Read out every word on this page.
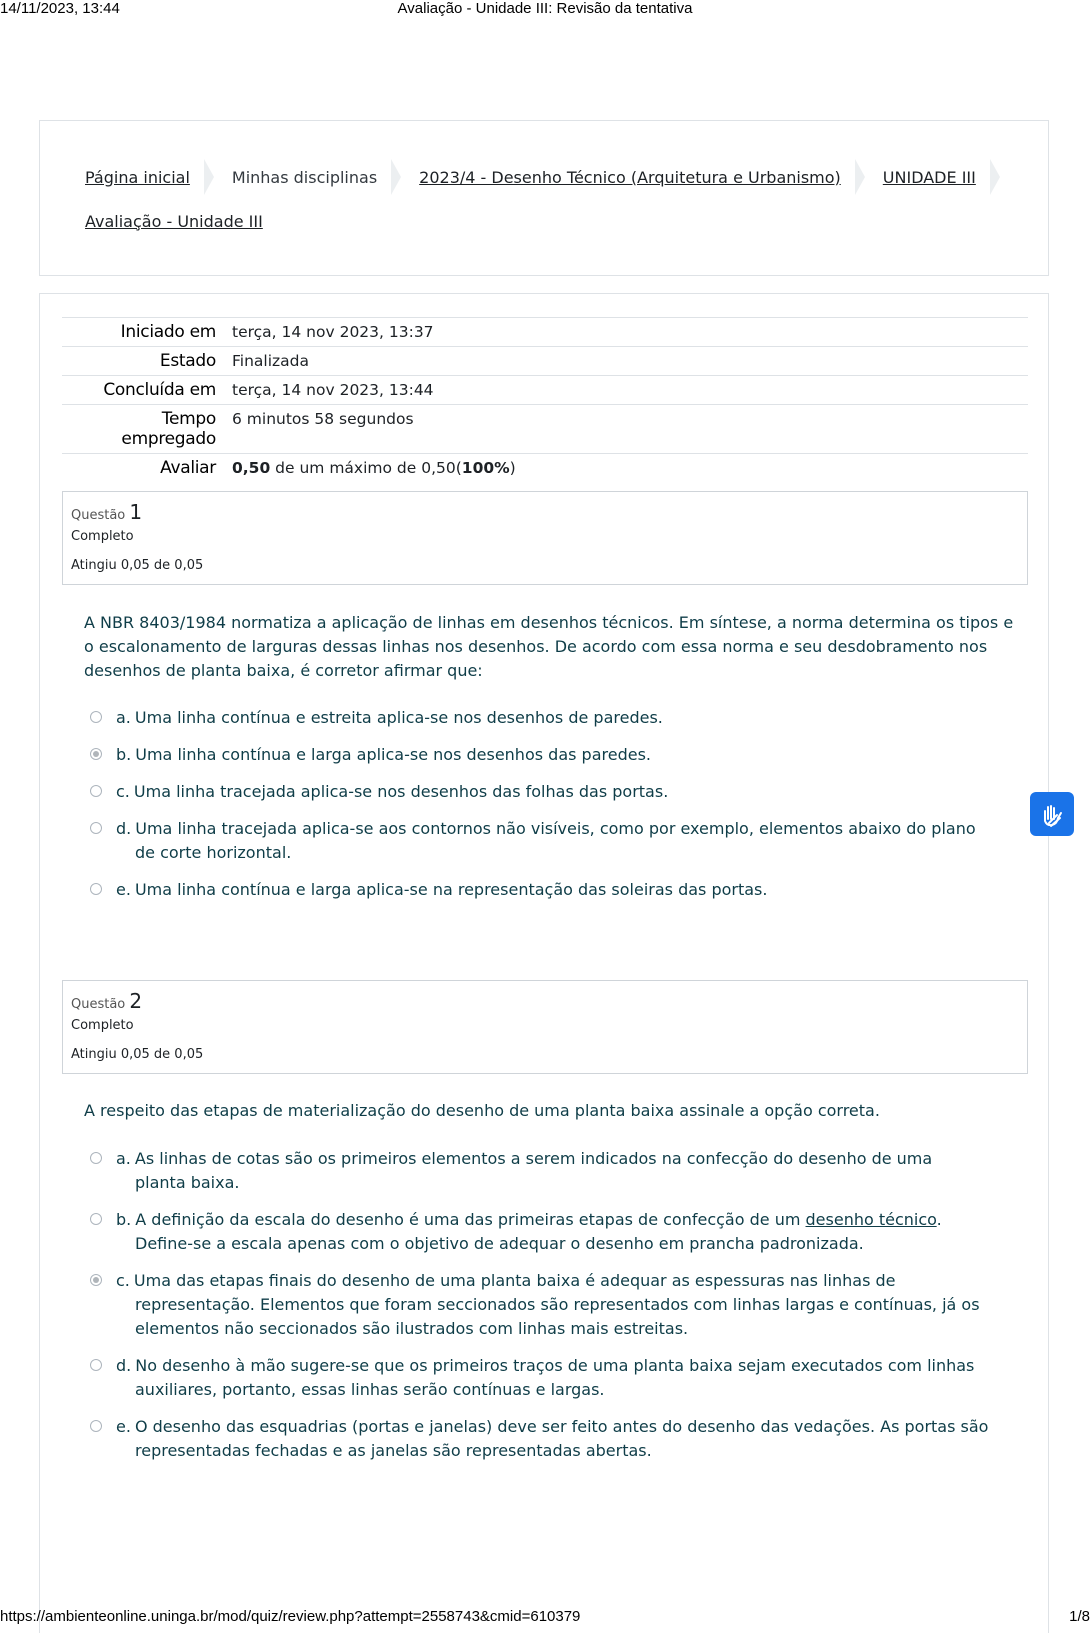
14/11/2023, 13:44	Avaliação - Unidade III: Revisão da tentativa
Página inicial	Minhas disciplinas	2023/4 - Desenho Técnico (Arquitetura e Urbanismo)	UNIDADE III
Avaliação - Unidade III
Iniciado em	terça, 14 nov 2023, 13:37
Estado	Finalizada
Concluída em	terça, 14 nov 2023, 13:44
Tempo
empregado	6 minutos 58 segundos
Avaliar	0,50 de um máximo de 0,50(100%)
Questão 1
Completo
Atingiu 0,05 de 0,05
A NBR 8403/1984 normatiza a aplicação de linhas em desenhos técnicos. Em síntese, a norma determina os tipos e o escalonamento de larguras dessas linhas nos desenhos. De acordo com essa norma e seu desdobramento nos desenhos de planta baixa, é corretor afirmar que:
a. Uma linha contínua e estreita aplica-se nos desenhos de paredes.
b. Uma linha contínua e larga aplica-se nos desenhos das paredes.
c. Uma linha tracejada aplica-se nos desenhos das folhas das portas.
d. Uma linha tracejada aplica-se aos contornos não visíveis, como por exemplo, elementos abaixo do plano
de corte horizontal.
e. Uma linha contínua e larga aplica-se na representação das soleiras das portas.
Questão 2
Completo
Atingiu 0,05 de 0,05
A respeito das etapas de materialização do desenho de uma planta baixa assinale a opção correta.
a. As linhas de cotas são os primeiros elementos a serem indicados na confecção do desenho de uma
planta baixa.
b. A definição da escala do desenho é uma das primeiras etapas de confecção de um desenho técnico.
Define-se a escala apenas com o objetivo de adequar o desenho em prancha padronizada.
c. Uma das etapas finais do desenho de uma planta baixa é adequar as espessuras nas linhas de
representação. Elementos que foram seccionados são representados com linhas largas e contínuas, já os elementos não seccionados são ilustrados com linhas mais estreitas.
d. No desenho à mão sugere-se que os primeiros traços de uma planta baixa sejam executados com linhas
auxiliares, portanto, essas linhas serão contínuas e largas.
e. O desenho das esquadrias (portas e janelas) deve ser feito antes do desenho das vedações. As portas são
representadas fechadas e as janelas são representadas abertas.
https://ambienteonline.uninga.br/mod/quiz/review.php?attempt=2558743&cmid=610379	1/8
